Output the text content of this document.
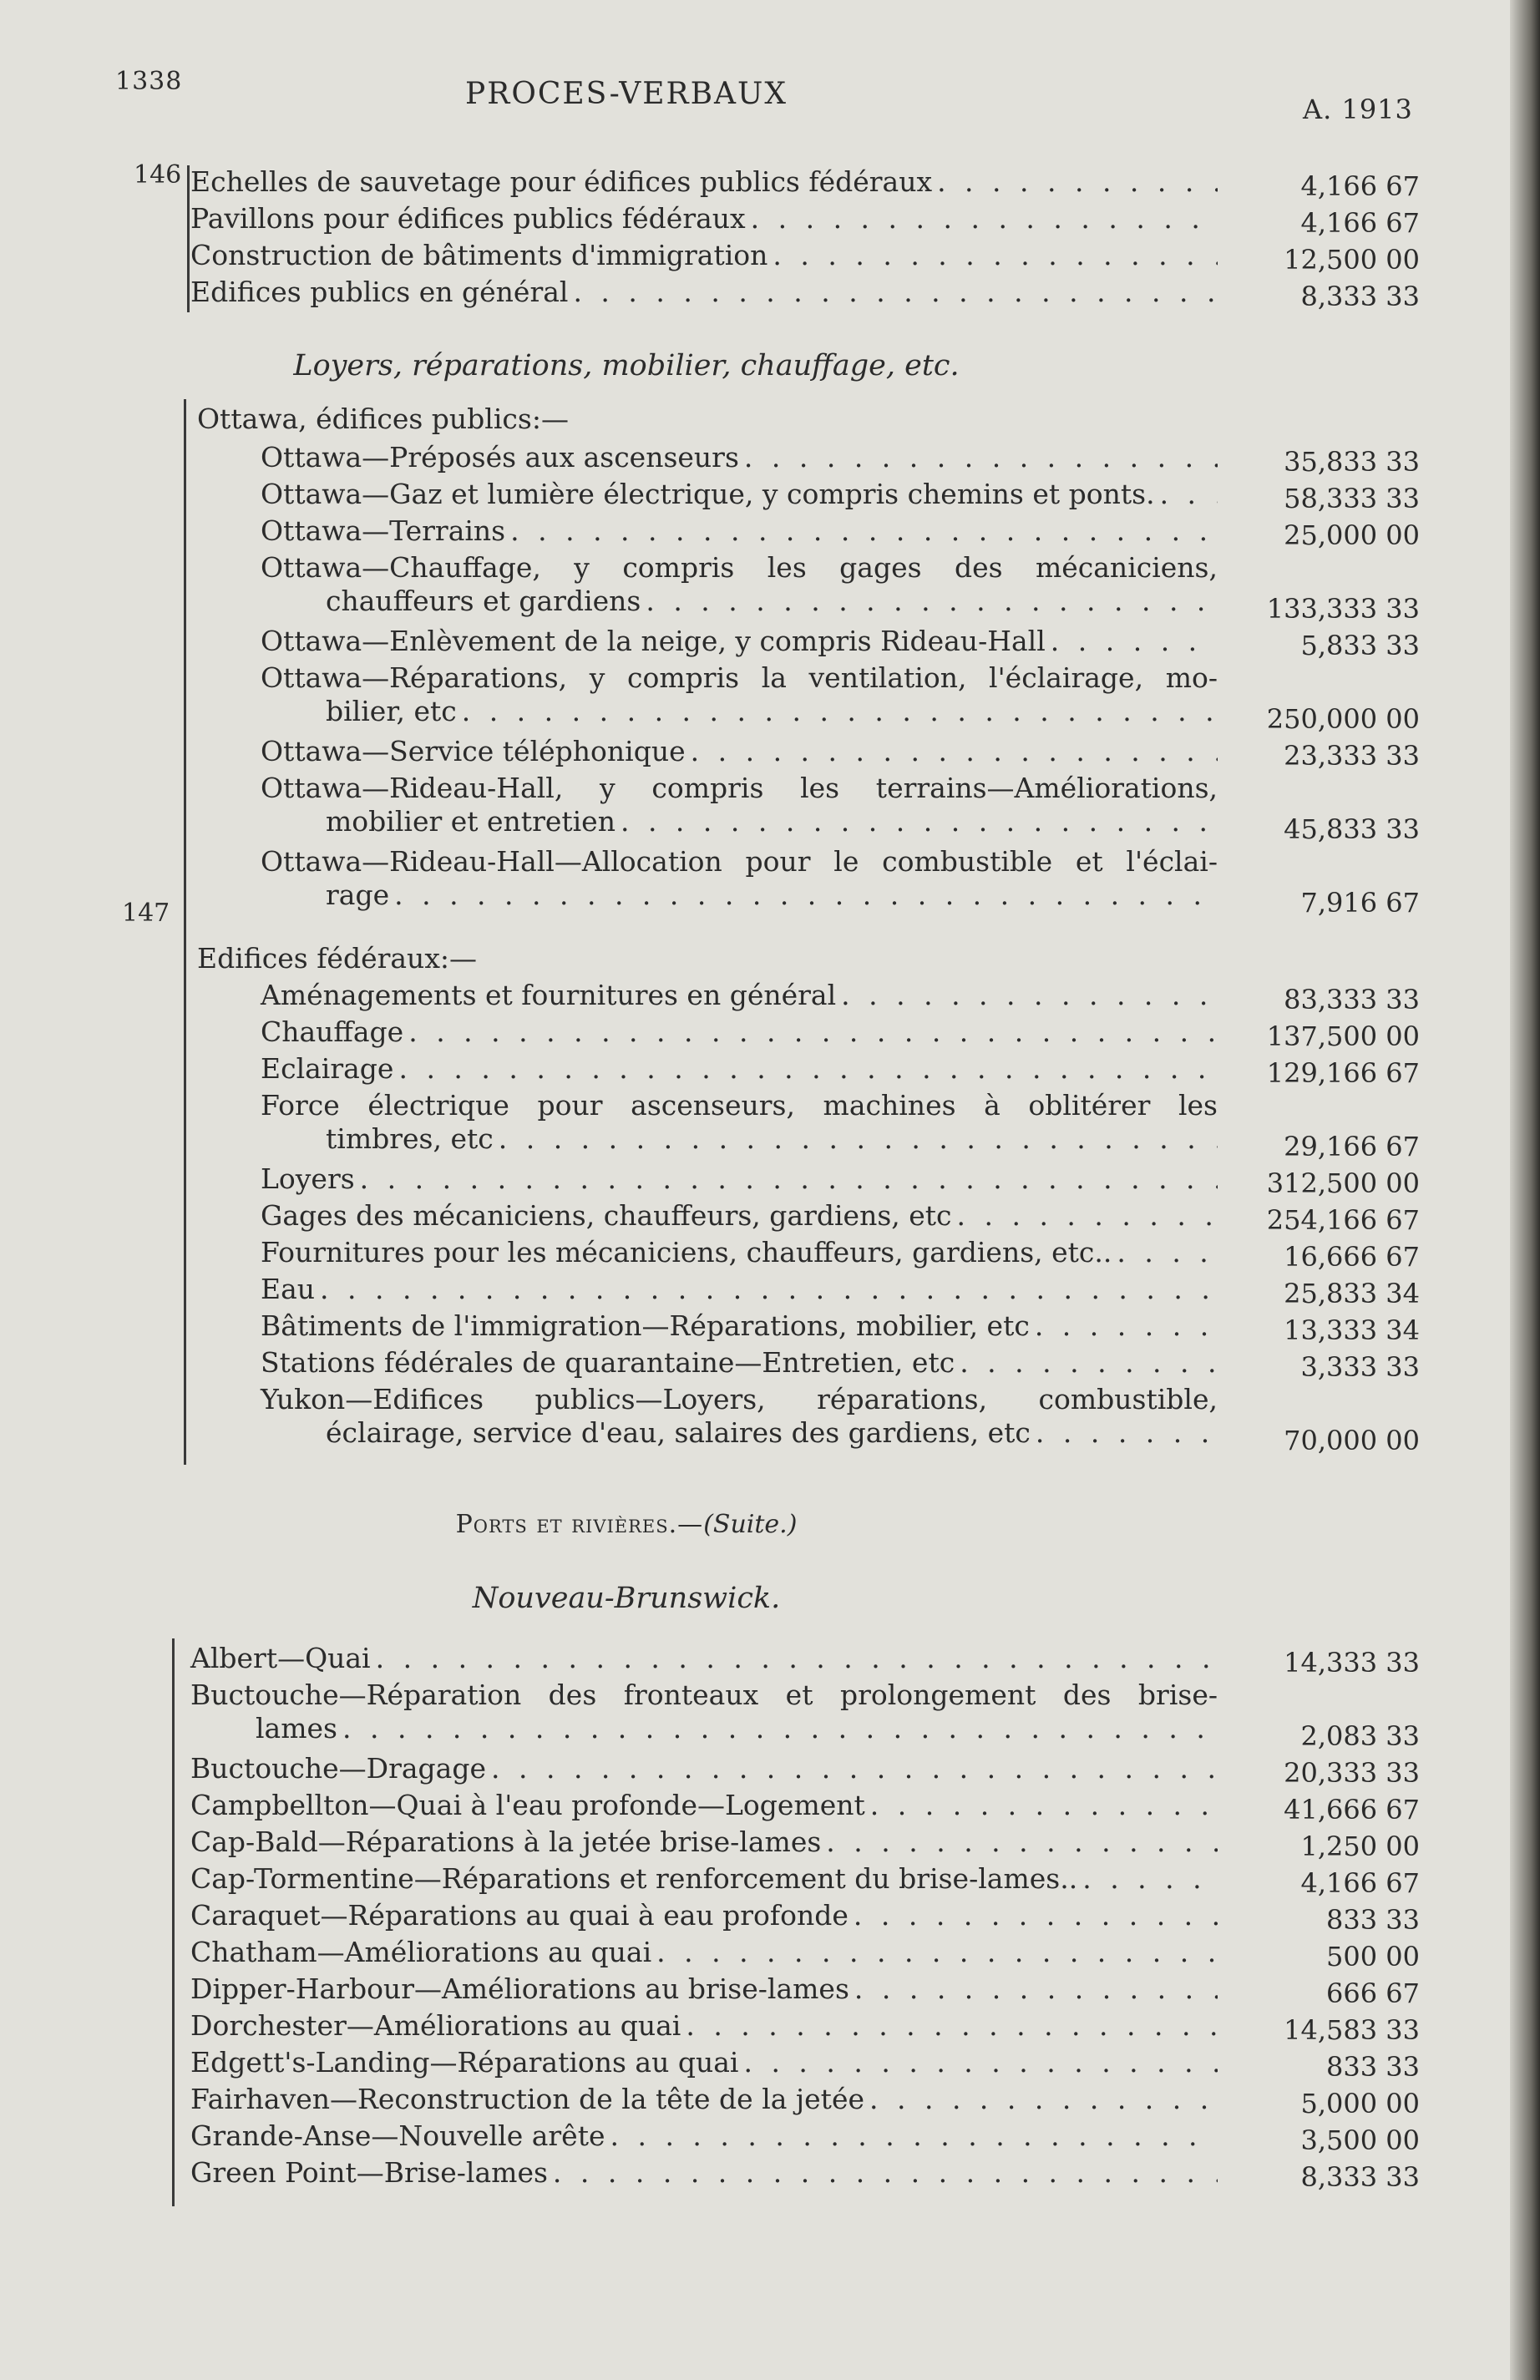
1338	PROCES-VERBAUX	A. 1913
146
147
Loyers, réparations, mobilier, chauffage, etc.
Ottawa, édifices publics:—
Edifices fédéraux:—
Ports et rivières.—(Suite.)
Nouveau-Brunswick.
Echelles de sauvetage pour édifices publics fédéraux . . .	4,166 67
Pavillons pour édifices publics fédéraux . . .	4,166 67
Construction de bâtiments d'immigration . . .	12,500 00
Edifices publics en général . . .	8,333 33
Ottawa—Préposés aux ascenseurs . . .	35,833 33
Ottawa—Gaz et lumière électrique, y compris chemins et ponts. . . .	58,333 33
Ottawa—Terrains . . .	25,000 00
Ottawa—Chauffage, y compris les gages des mécaniciens,
chauffeurs et gardiens . . .	133,333 33
Ottawa—Enlèvement de la neige, y compris Rideau-Hall . . .	5,833 33
Ottawa—Réparations, y compris la ventilation, l'éclairage, mo-
bilier, etc . . .	250,000 00
Ottawa—Service téléphonique . . .	23,333 33
Ottawa—Rideau-Hall, y compris les terrains—Améliorations,
mobilier et entretien . . .	45,833 33
Ottawa—Rideau-Hall—Allocation pour le combustible et l'éclai-
rage . . .	7,916 67
Aménagements et fournitures en général . . .	83,333 33
Chauffage . . .	137,500 00
Eclairage . . .	129,166 67
Force électrique pour ascenseurs, machines à oblitérer les
timbres, etc . . .	29,166 67
Loyers . . .	312,500 00
Gages des mécaniciens, chauffeurs, gardiens, etc . . .	254,166 67
Fournitures pour les mécaniciens, chauffeurs, gardiens, etc.. . . .	16,666 67
Eau . . .	25,833 34
Bâtiments de l'immigration—Réparations, mobilier, etc . . .	13,333 34
Stations fédérales de quarantaine—Entretien, etc . . .	3,333 33
Yukon—Edifices publics—Loyers, réparations, combustible,
éclairage, service d'eau, salaires des gardiens, etc . . .	70,000 00
Albert—Quai . . .	14,333 33
Buctouche—Réparation des fronteaux et prolongement des brise-
lames . . .	2,083 33
Buctouche—Dragage . . .	20,333 33
Campbellton—Quai à l'eau profonde—Logement . . .	41,666 67
Cap-Bald—Réparations à la jetée brise-lames . . .	1,250 00
Cap-Tormentine—Réparations et renforcement du brise-lames.. . . .	4,166 67
Caraquet—Réparations au quai à eau profonde . . .	833 33
Chatham—Améliorations au quai . . .	500 00
Dipper-Harbour—Améliorations au brise-lames . . .	666 67
Dorchester—Améliorations au quai . . .	14,583 33
Edgett's-Landing—Réparations au quai . . .	833 33
Fairhaven—Reconstruction de la tête de la jetée . . .	5,000 00
Grande-Anse—Nouvelle arête . . .	3,500 00
Green Point—Brise-lames . . .	8,333 33
